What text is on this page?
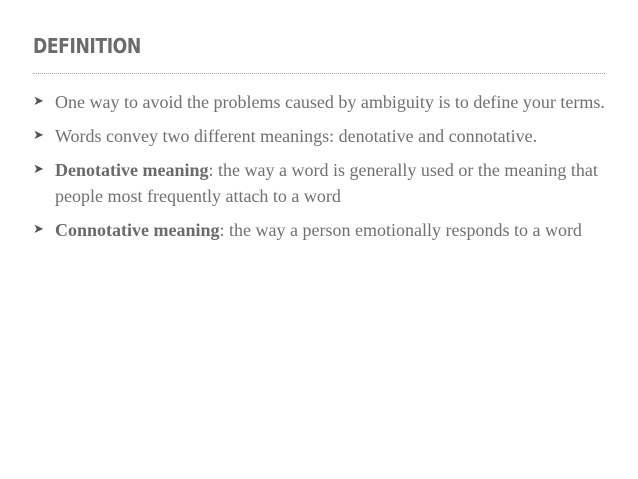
DEFINITION
➤ One way to avoid the problems caused by ambiguity is to define your terms.
➤ Words convey two different meanings: denotative and connotative.
➤ Denotative meaning: the way a word is generally used or the meaning that people most frequently attach to a word
➤ Connotative meaning: the way a person emotionally responds to a word
